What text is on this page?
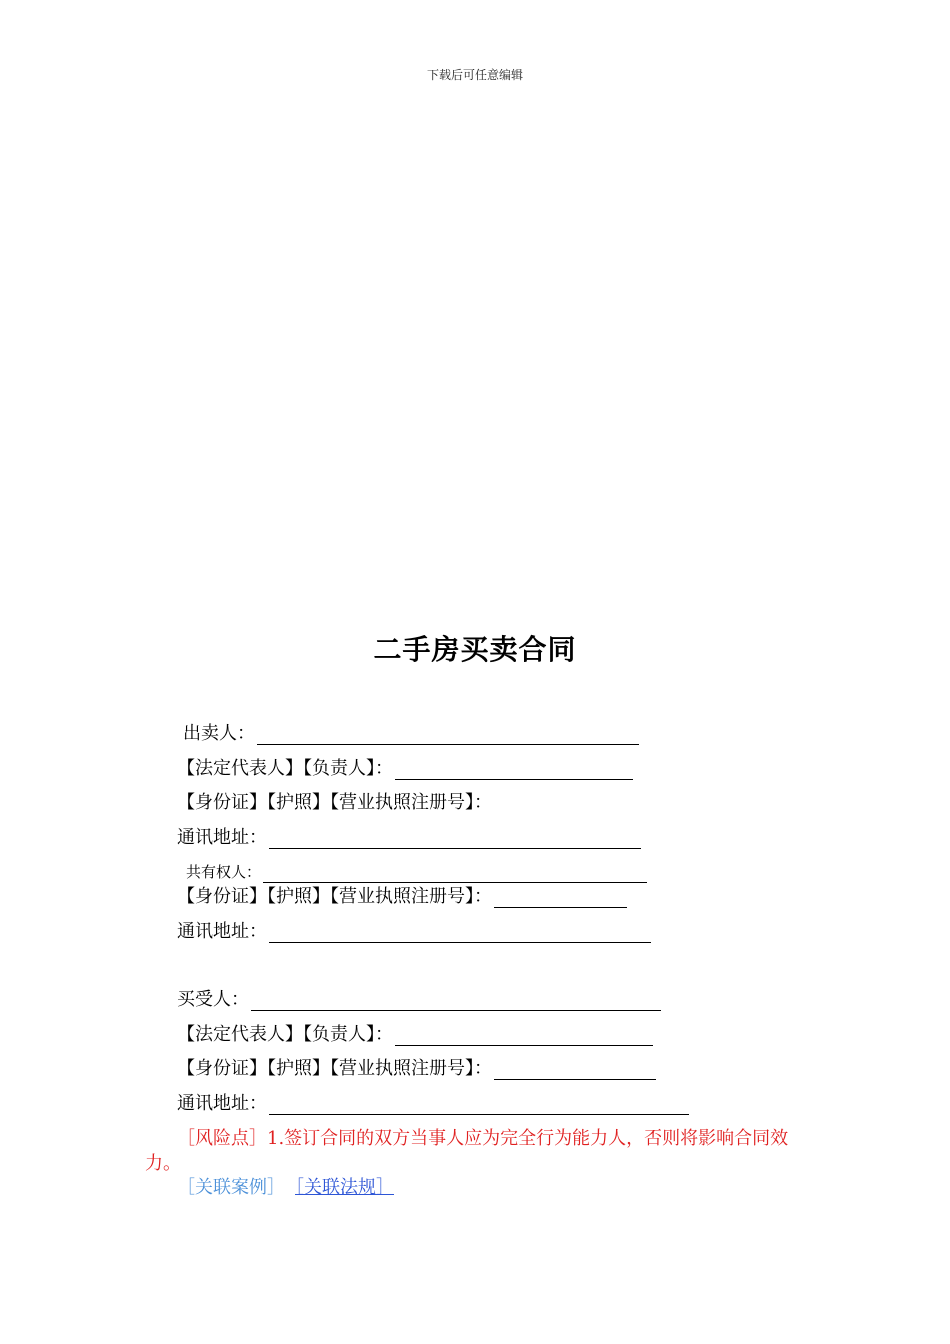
下载后可任意编辑
二手房买卖合同
出卖人：
【法定代表人】【负责人】：
【身份证】【护照】【营业执照注册号】：
通讯地址：
共有权人：
【身份证】【护照】【营业执照注册号】：
通讯地址：
买受人：
【法定代表人】【负责人】：
【身份证】【护照】【营业执照注册号】：
通讯地址：
［风险点］1.签订合同的双方当事人应为完全行为能力人，否则将影响合同效力。
［关联案例］ ［关联法规］
